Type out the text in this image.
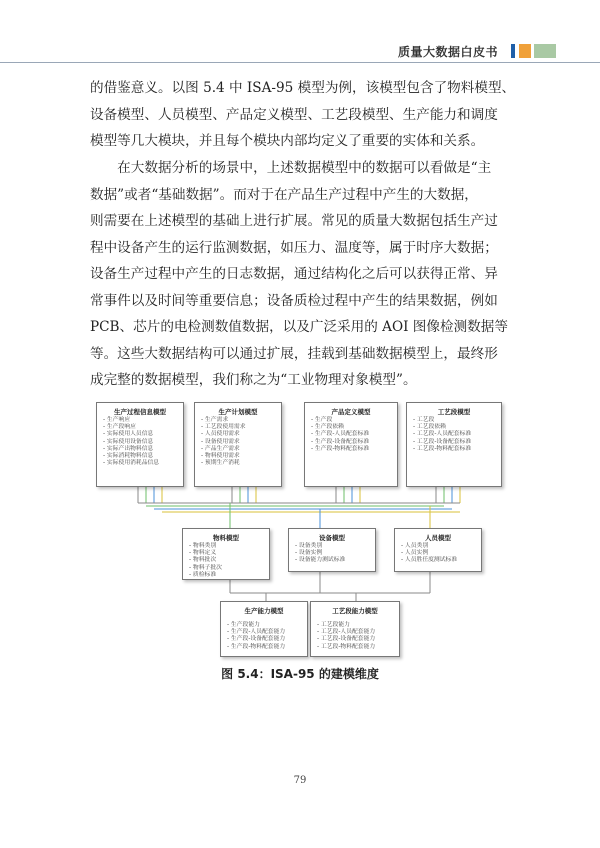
质量大数据白皮书
的借鉴意义。以图 5.4 中 ISA-95 模型为例，该模型包含了物料模型、
设备模型、人员模型、产品定义模型、工艺段模型、生产能力和调度
模型等几大模块，并且每个模块内部均定义了重要的实体和关系。
　　在大数据分析的场景中，上述数据模型中的数据可以看做是“主
数据”或者“基础数据”。而对于在产品生产过程中产生的大数据，
则需要在上述模型的基础上进行扩展。常见的质量大数据包括生产过
程中设备产生的运行监测数据，如压力、温度等，属于时序大数据；
设备生产过程中产生的日志数据，通过结构化之后可以获得正常、异
常事件以及时间等重要信息；设备质检过程中产生的结果数据，例如
PCB、芯片的电检测数值数据，以及广泛采用的 AOI 图像检测数据等
等。这些大数据结构可以通过扩展，挂载到基础数据模型上，最终形
成完整的数据模型，我们称之为“工业物理对象模型”。
生产过程信息模型
- 生产响应
- 生产段响应
- 实际使用人员信息
- 实际使用设备信息
- 实际产出物料信息
- 实际消耗物料信息
- 实际使用消耗品信息
生产计划模型
- 生产需求
- 工艺段使用需求
- 人员使用需求
- 设备使用需求
- 产品生产需求
- 物料使用需求
- 预期生产消耗
产品定义模型
- 生产段
- 生产段依赖
- 生产段-人员配套标准
- 生产段-设备配套标准
- 生产段-物料配套标准
工艺段模型
- 工艺段
- 工艺段依赖
- 工艺段-人员配套标准
- 工艺段-设备配套标准
- 工艺段-物料配套标准
物料模型
- 物料类别
- 物料定义
- 物料批次
- 物料子批次
- 质检标准
设备模型
- 设备类别
- 设备实例
- 设备能力测试标准
人员模型
- 人员类别
- 人员实例
- 人员胜任度测试标准
生产能力模型
- 生产段能力
- 生产段-人员配套能力
- 生产段-设备配套能力
- 生产段-物料配套能力
工艺段能力模型
- 工艺段能力
- 工艺段-人员配套能力
- 工艺段-设备配套能力
- 工艺段-物料配套能力
图 5.4：ISA-95 的建模维度
79
